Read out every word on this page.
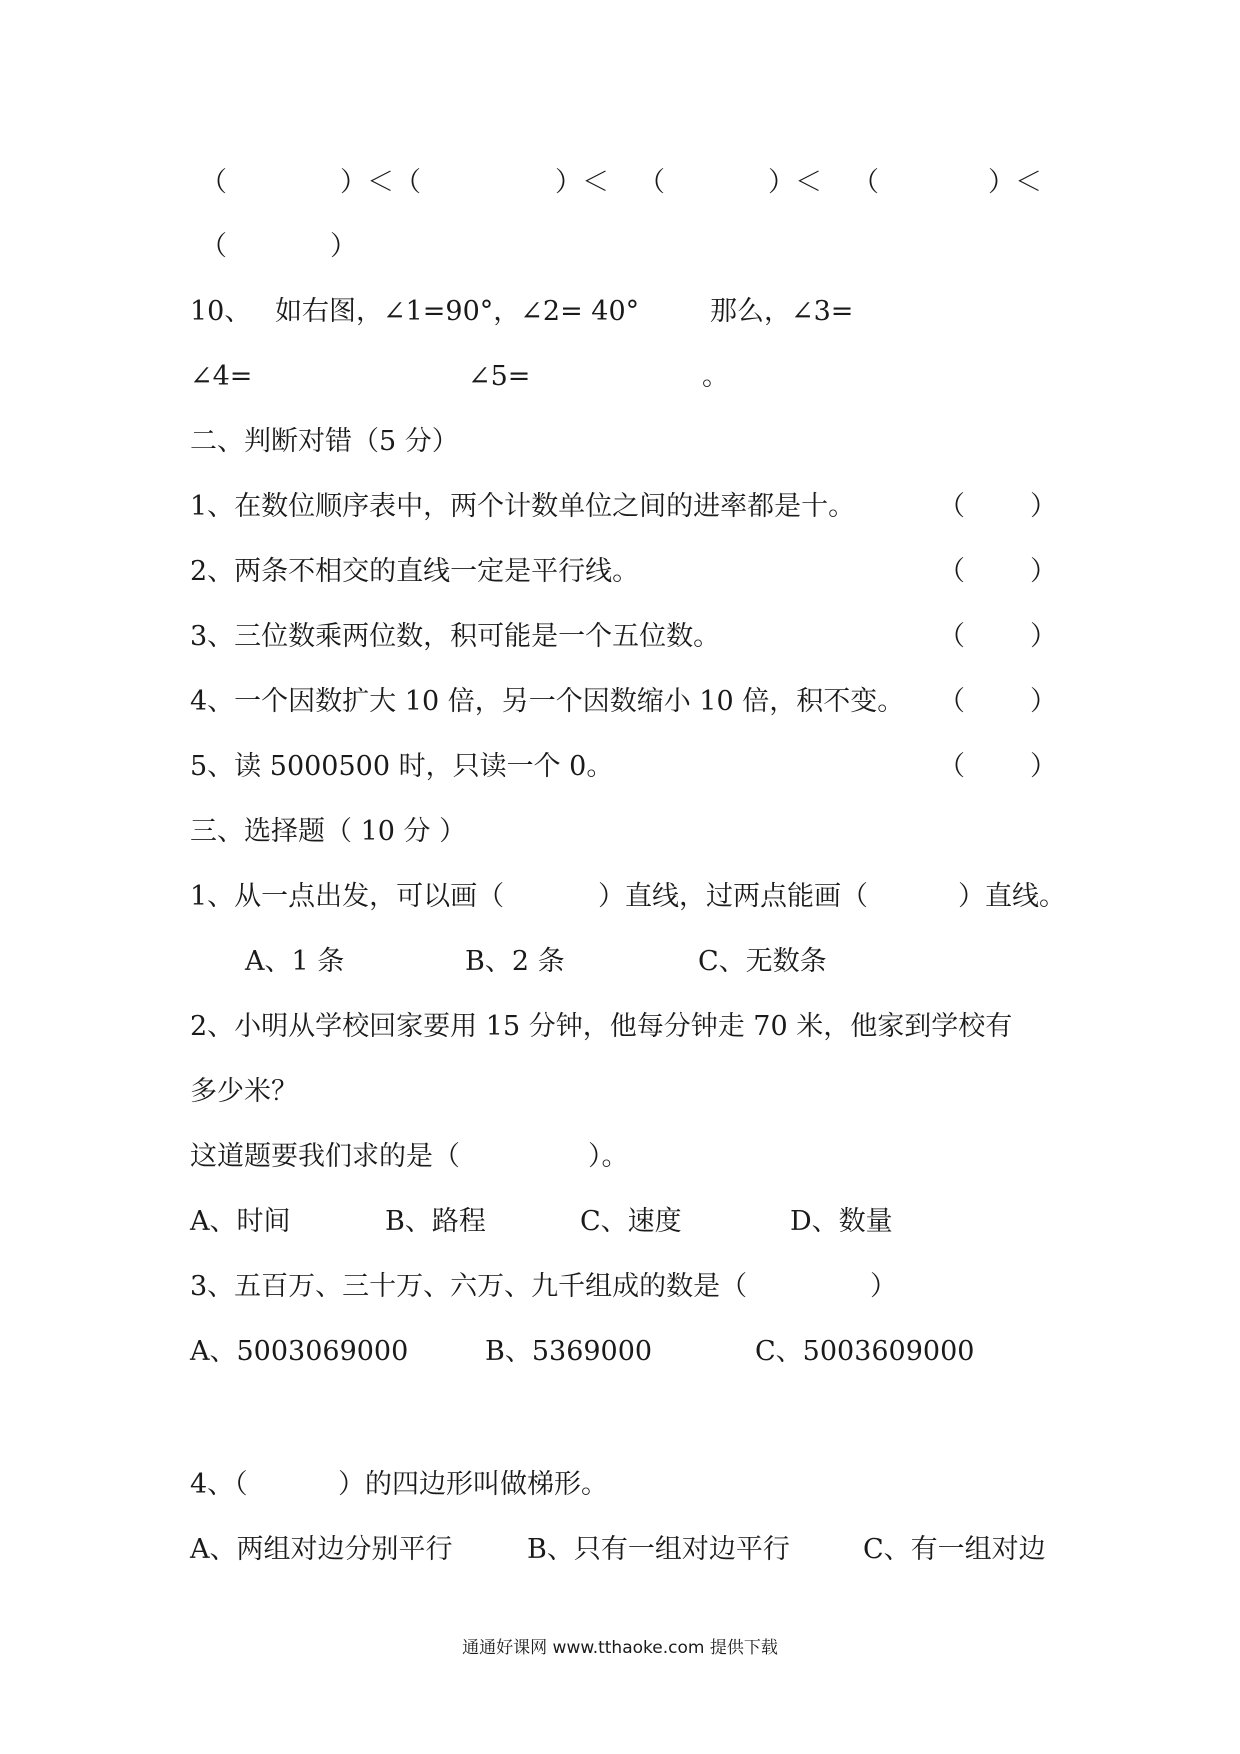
（	）＜（	）＜ （	）＜ （	）＜
（	）
10、 如右图，∠1=90°，∠2= 40°	那么，∠3=
∠4=	∠5=	。
二、判断对错（5 分）
1、在数位顺序表中，两个计数单位之间的进率都是十。	（ ）
2、两条不相交的直线一定是平行线。	（ ）
3、三位数乘两位数，积可能是一个五位数。	（ ）
4、一个因数扩大 10 倍，另一个因数缩小 10 倍，积不变。 （ ）
5、读 5000500 时，只读一个 0。	（ ）
三、选择题（ 10 分 ）
1、从一点出发，可以画（	）直线，过两点能画（	）直线。
A、1 条	B、2 条	C、无数条
2、小明从学校回家要用 15 分钟，他每分钟走 70 米，他家到学校有
多少米？
这道题要我们求的是（	）。
A、时间	B、路程	C、速度	D、数量
3、五百万、三十万、六万、九千组成的数是（	）
A、5003069000	B、5369000	C、5003609000
4、（	）的四边形叫做梯形。
A、两组对边分别平行	B、只有一组对边平行	C、有一组对边
通通好课网 www.tthaoke.com 提供下载
